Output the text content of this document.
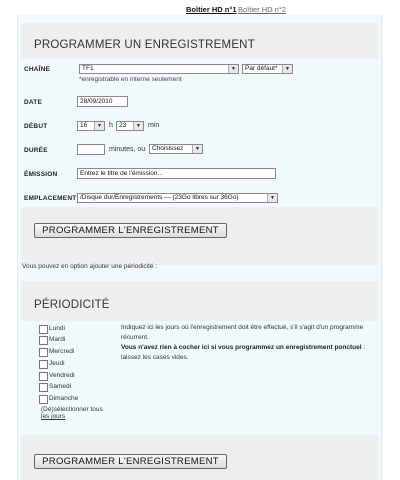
Boîtier HD n°1 Boîtier HD n°2
PROGRAMMER UN ENREGISTREMENT
CHAÎNE	TF1	▼	Par défaut*	▼
*enregistrable en interne seulement
DATE	28/09/2010
DÉBUT	16	▼ h 23	▼ min
DURÉE	minutes, ou	Choisissez	▼
ÉMISSION	Entrez le titre de l'émission...
EMPLACEMENT /Disque dur/Enregistrements — (23Go libres sur 36Go)	▼
PROGRAMMER L'ENREGISTREMENT
Vous pouvez en option ajouter une périodicité :
PÉRIODICITÉ
Lundi
Mardi
Mercredi
Jeudi
Vendredi
Samedi
Dimanche
(Dé)sélectionner tous
les jours
Indiquez ici les jours où l'enregistrement doit être effectué, s'il s'agit d'un programme récurrent.
Vous n'avez rien à cocher ici si vous programmez un enregistrement ponctuel : laissez les cases vides.
PROGRAMMER L'ENREGISTREMENT
